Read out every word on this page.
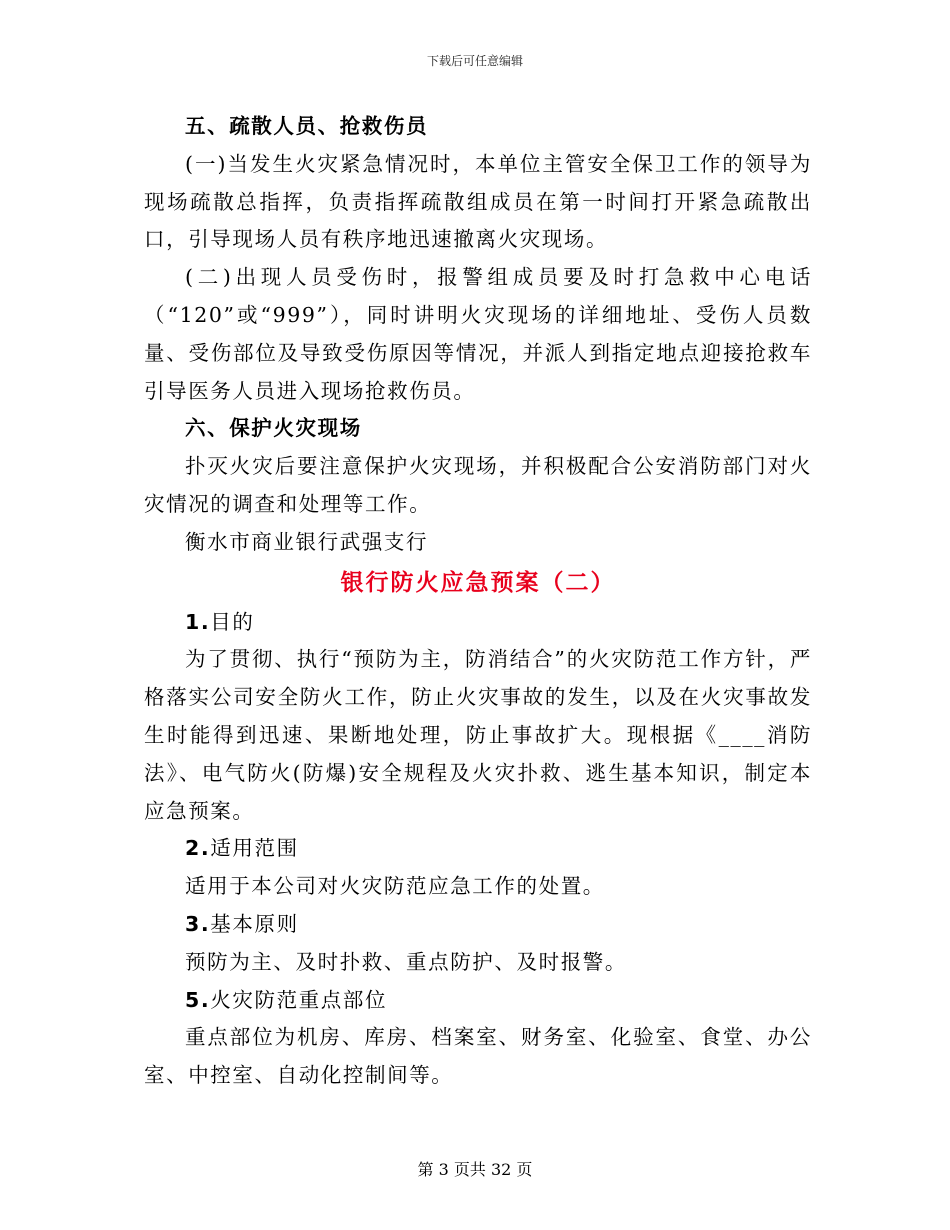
下载后可任意编辑

五、疏散人员、抢救伤员

(一)当发生火灾紧急情况时，本单位主管安全保卫工作的领导为现场疏散总指挥，负责指挥疏散组成员在第一时间打开紧急疏散出口，引导现场人员有秩序地迅速撤离火灾现场。

(二)出现人员受伤时，报警组成员要及时打急救中心电话（“120”或“999”），同时讲明火灾现场的详细地址、受伤人员数量、受伤部位及导致受伤原因等情况，并派人到指定地点迎接抢救车引导医务人员进入现场抢救伤员。

六、保护火灾现场

扑灭火灾后要注意保护火灾现场，并积极配合公安消防部门对火灾情况的调查和处理等工作。

衡水市商业银行武强支行

银行防火应急预案（二）

1.目的

为了贯彻、执行“预防为主，防消结合”的火灾防范工作方针，严格落实公司安全防火工作，防止火灾事故的发生，以及在火灾事故发生时能得到迅速、果断地处理，防止事故扩大。现根据《____消防法》、电气防火(防爆)安全规程及火灾扑救、逃生基本知识，制定本应急预案。

2.适用范围

适用于本公司对火灾防范应急工作的处置。

3.基本原则

预防为主、及时扑救、重点防护、及时报警。

5.火灾防范重点部位

重点部位为机房、库房、档案室、财务室、化验室、食堂、办公室、中控室、自动化控制间等。

第 3 页共 32 页
